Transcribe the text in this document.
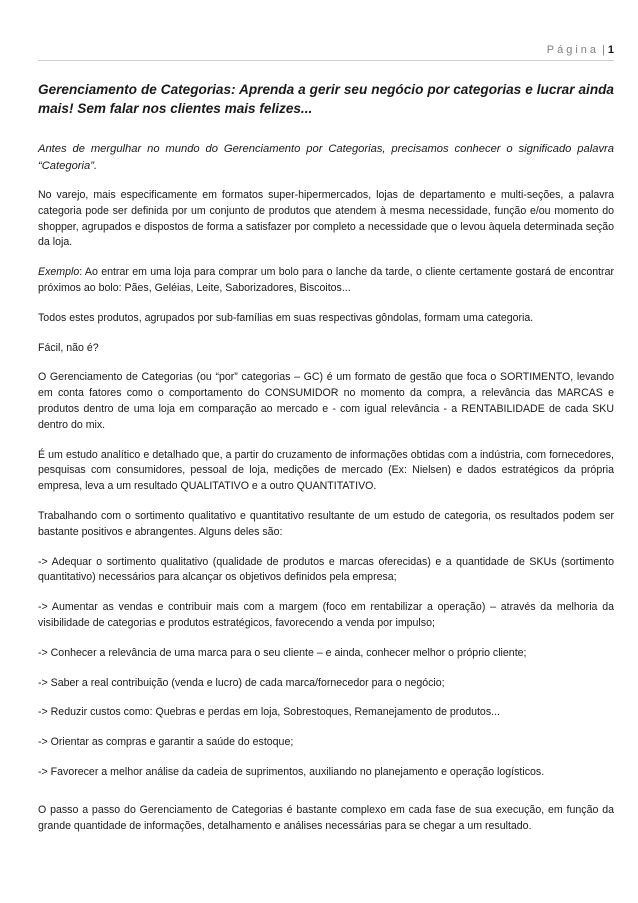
Página | 1
Gerenciamento de Categorias: Aprenda a gerir seu negócio por categorias e lucrar ainda mais! Sem falar nos clientes mais felizes...
Antes de mergulhar no mundo do Gerenciamento por Categorias, precisamos conhecer o significado palavra “Categoria”.

No varejo, mais especificamente em formatos super-hipermercados, lojas de departamento e multi-seções, a palavra categoria pode ser definida por um conjunto de produtos que atendem à mesma necessidade, função e/ou momento do shopper, agrupados e dispostos de forma a satisfazer por completo a necessidade que o levou àquela determinada seção da loja.

Exemplo: Ao entrar em uma loja para comprar um bolo para o lanche da tarde, o cliente certamente gostará de encontrar próximos ao bolo: Pães, Geléias, Leite, Saborizadores, Biscoitos...

Todos estes produtos, agrupados por sub-famílias em suas respectivas gôndolas, formam uma categoria.

Fácil, não é?

O Gerenciamento de Categorias (ou “por” categorias – GC) é um formato de gestão que foca o SORTIMENTO, levando em conta fatores como o comportamento do CONSUMIDOR no momento da compra, a relevância das MARCAS e produtos dentro de uma loja em comparação ao mercado e - com igual relevância - a RENTABILIDADE de cada SKU dentro do mix.

É um estudo analítico e detalhado que, a partir do cruzamento de informações obtidas com a indústria, com fornecedores, pesquisas com consumidores, pessoal de loja, medições de mercado (Ex: Nielsen) e dados estratégicos da própria empresa, leva a um resultado QUALITATIVO e a outro QUANTITATIVO.

Trabalhando com o sortimento qualitativo e quantitativo resultante de um estudo de categoria, os resultados podem ser bastante positivos e abrangentes. Alguns deles são:

-> Adequar o sortimento qualitativo (qualidade de produtos e marcas oferecidas) e a quantidade de SKUs (sortimento quantitativo) necessários para alcançar os objetivos definidos pela empresa;

-> Aumentar as vendas e contribuir mais com a margem (foco em rentabilizar a operação) – através da melhoria da visibilidade de categorias e produtos estratégicos, favorecendo a venda por impulso;

-> Conhecer a relevância de uma marca para o seu cliente – e ainda, conhecer melhor o próprio cliente;

-> Saber a real contribuição (venda e lucro) de cada marca/fornecedor para o negócio;

-> Reduzir custos como: Quebras e perdas em loja, Sobrestoques, Remanejamento de produtos...

-> Orientar as compras e garantir a saúde do estoque;

-> Favorecer a melhor análise da cadeia de suprimentos, auxiliando no planejamento e operação logísticos.

O passo a passo do Gerenciamento de Categorias é bastante complexo em cada fase de sua execução, em função da grande quantidade de informações, detalhamento e análises necessárias para se chegar a um resultado.
